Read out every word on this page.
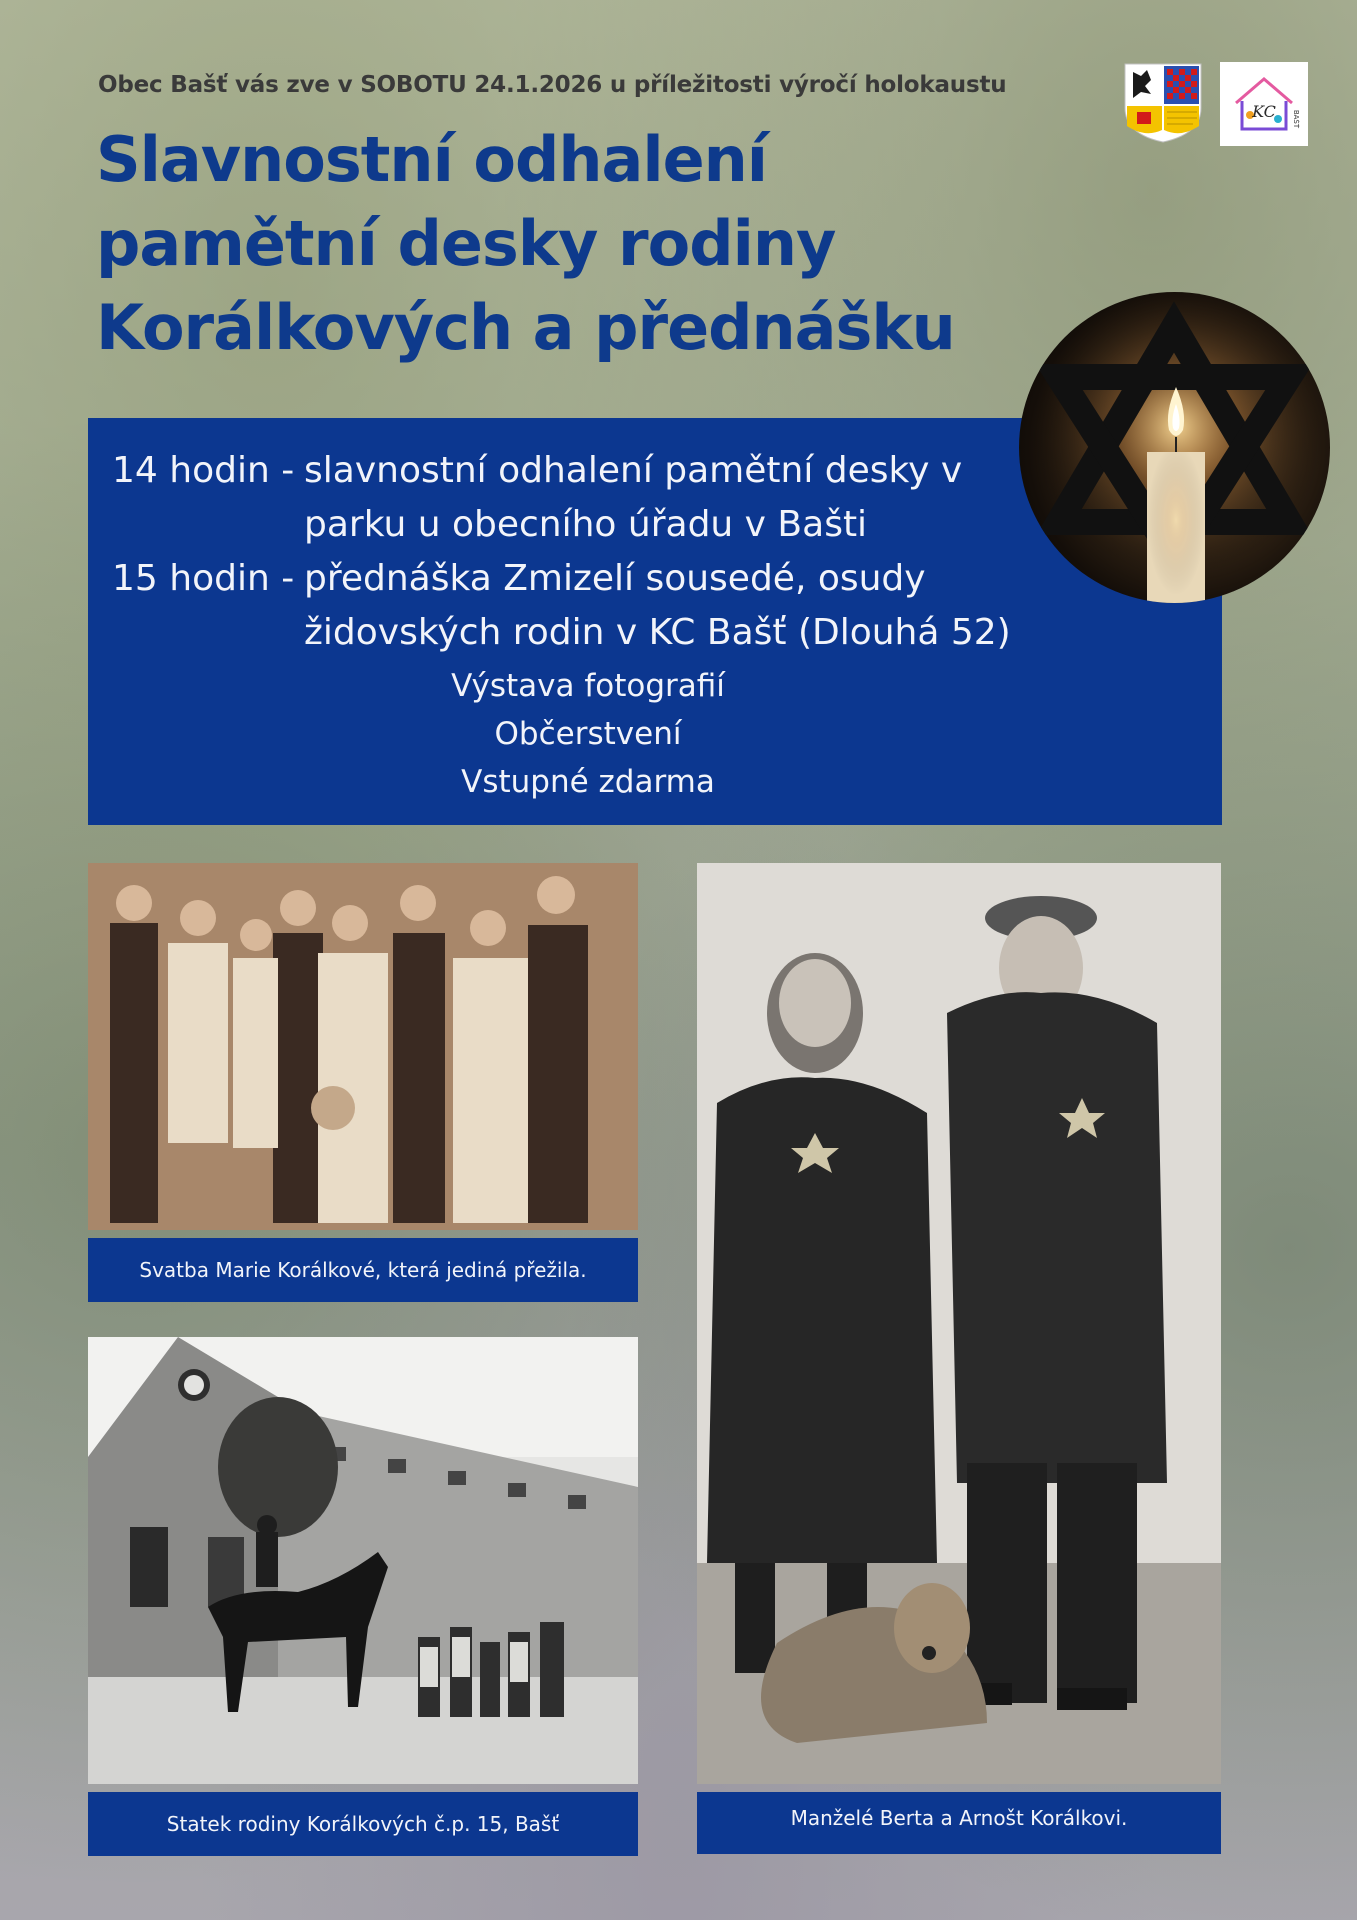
Obec Bašť vás zve v SOBOTU 24.1.2026 u příležitosti výročí holokaustu
Slavnostní odhalení
pamětní desky rodiny
Korálkových a přednášku
KC BAŠŤ
14 hodin - slavnostní odhalení pamětní desky v
parku u obecního úřadu v Bašti
15 hodin - přednáška Zmizelí sousedé, osudy
židovských rodin v KC Bašť (Dlouhá 52)
Výstava fotografií
Občerstvení
Vstupné zdarma
Svatba Marie Korálkové, která jediná přežila.
Statek rodiny Korálkových č.p. 15, Bašť	Manželé Berta a Arnošt Korálkovi.
